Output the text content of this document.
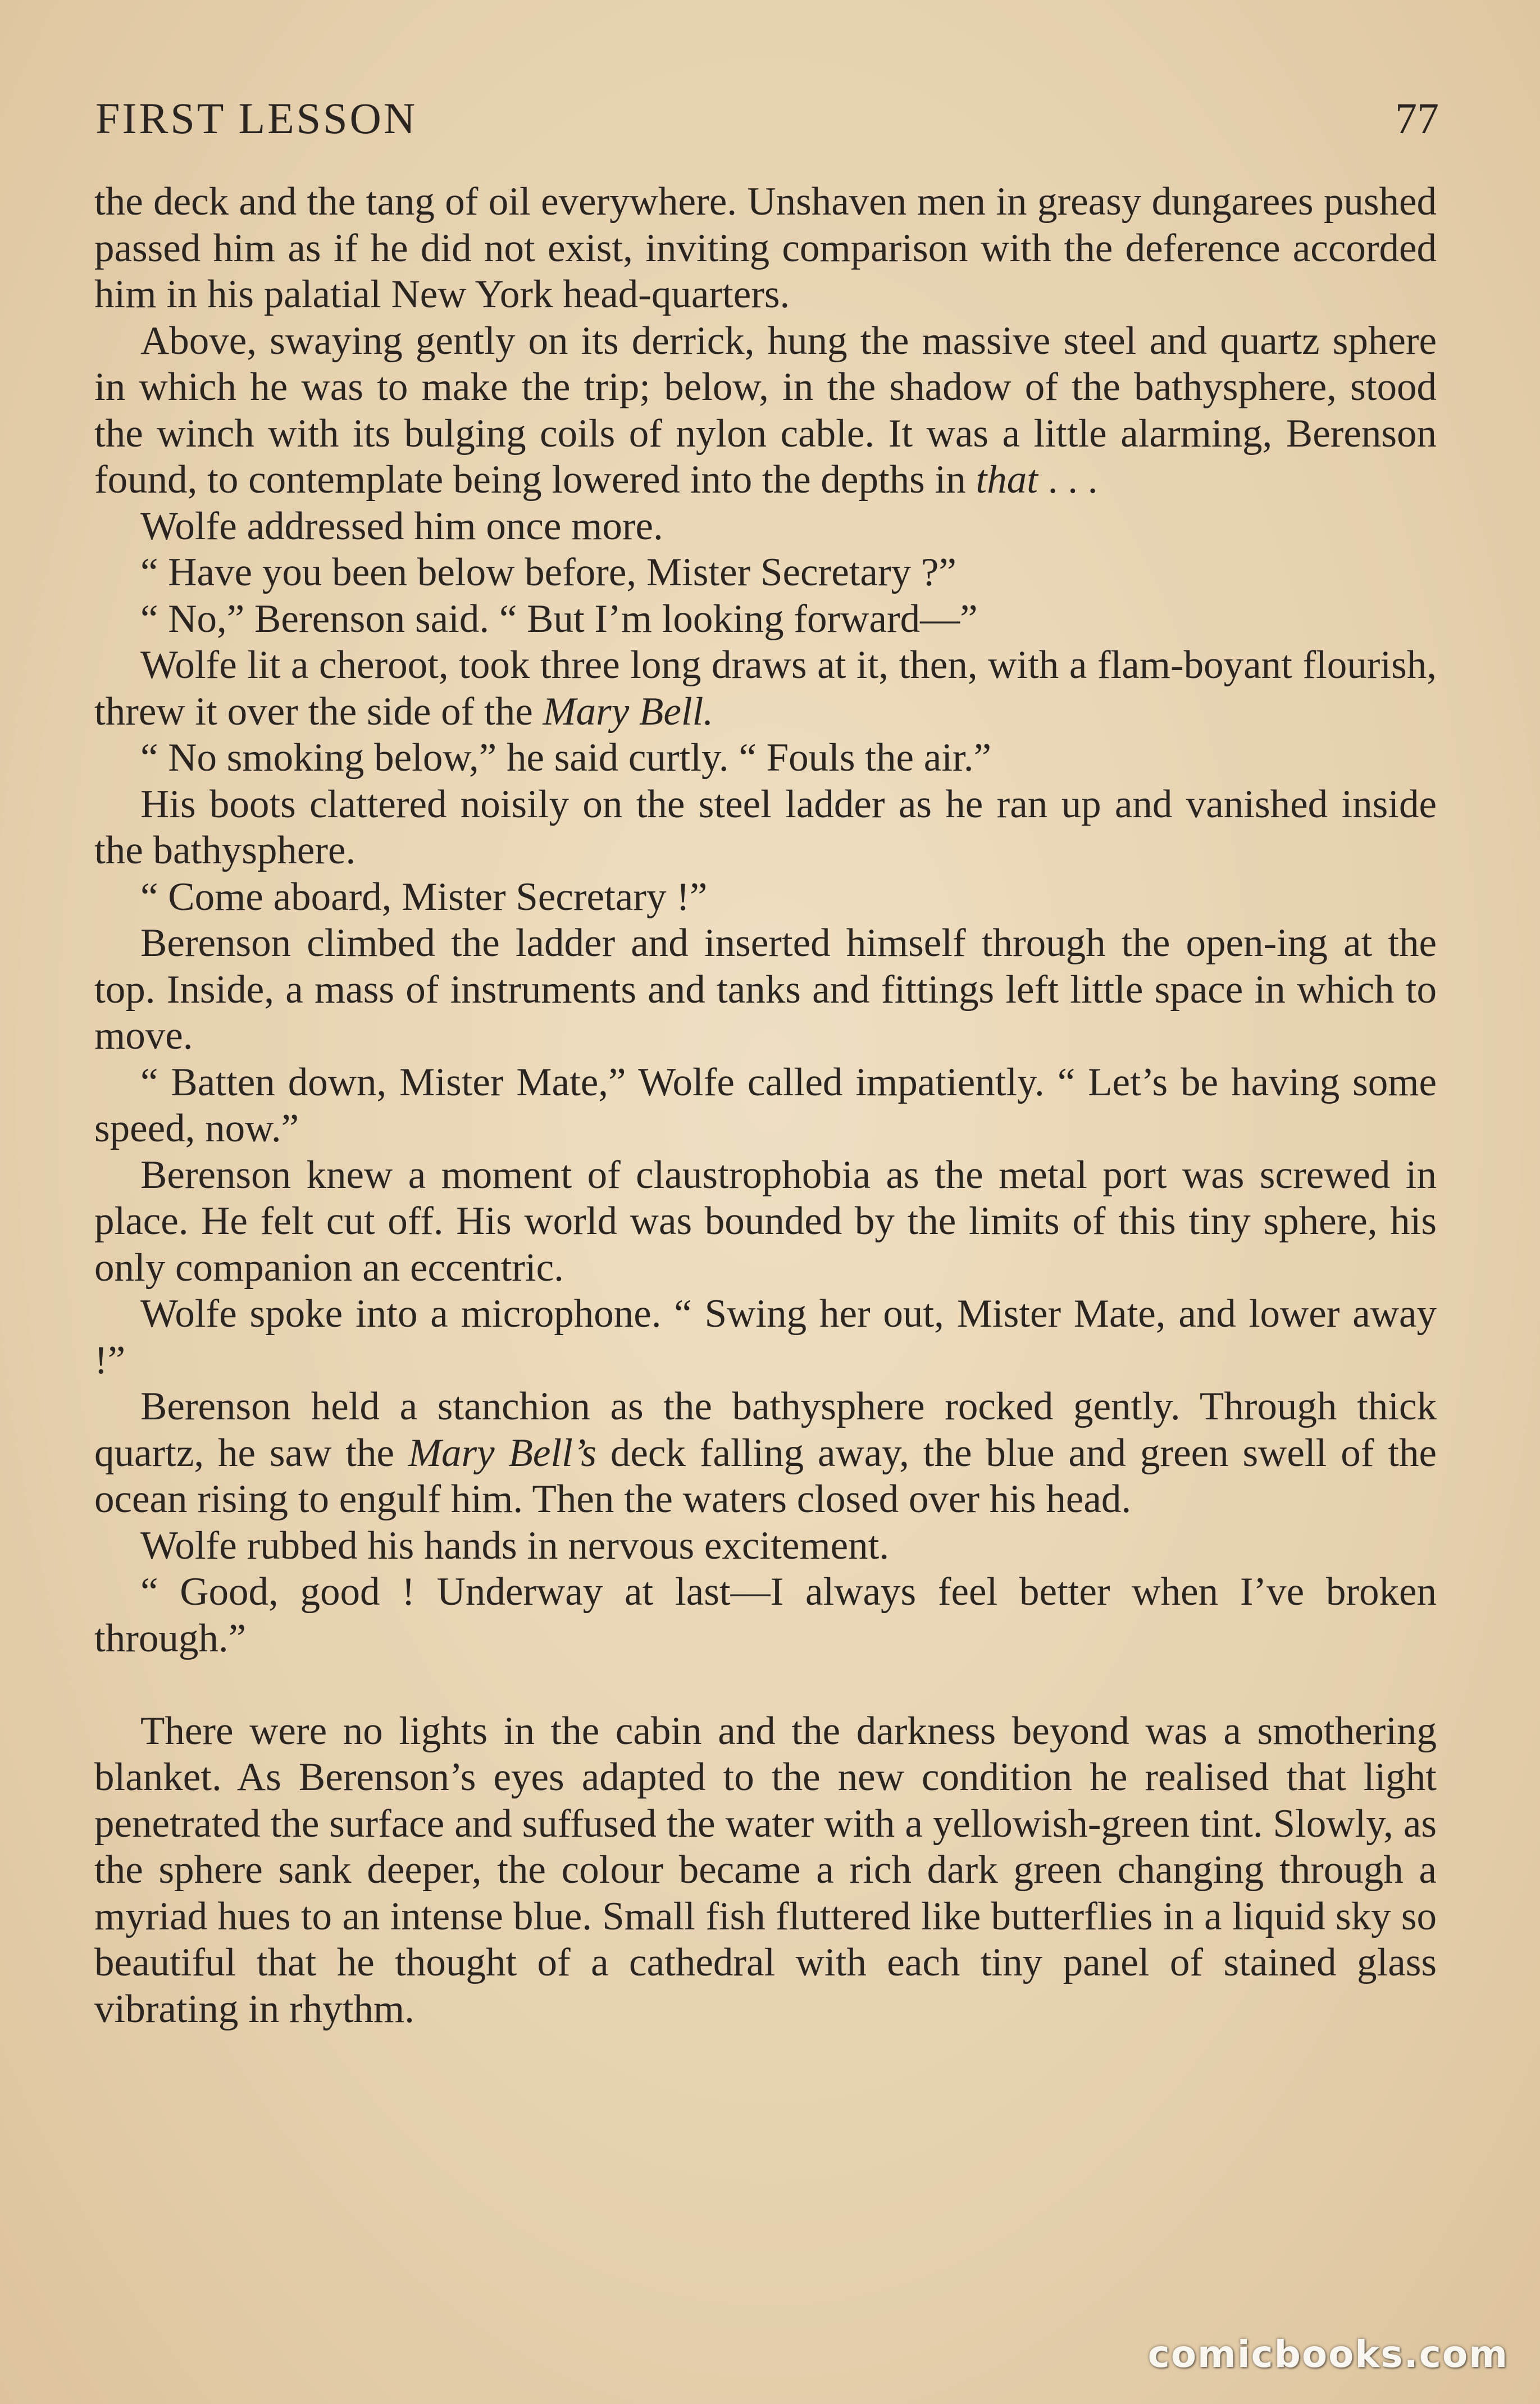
FIRST LESSON	77

the deck and the tang of oil everywhere. Unshaven men in greasy dungarees pushed passed him as if he did not exist, inviting comparison with the deference accorded him in his palatial New York head-quarters.

Above, swaying gently on its derrick, hung the massive steel and quartz sphere in which he was to make the trip; below, in the shadow of the bathysphere, stood the winch with its bulging coils of nylon cable. It was a little alarming, Berenson found, to contemplate being lowered into the depths in that . . .

Wolfe addressed him once more.

“ Have you been below before, Mister Secretary ?”

“ No,” Berenson said. “ But I’m looking forward—”

Wolfe lit a cheroot, took three long draws at it, then, with a flam-boyant flourish, threw it over the side of the Mary Bell.

“ No smoking below,” he said curtly. “ Fouls the air.”

His boots clattered noisily on the steel ladder as he ran up and vanished inside the bathysphere.

“ Come aboard, Mister Secretary !”

Berenson climbed the ladder and inserted himself through the open-ing at the top. Inside, a mass of instruments and tanks and fittings left little space in which to move.

“ Batten down, Mister Mate,” Wolfe called impatiently. “ Let’s be having some speed, now.”

Berenson knew a moment of claustrophobia as the metal port was screwed in place. He felt cut off. His world was bounded by the limits of this tiny sphere, his only companion an eccentric.

Wolfe spoke into a microphone. “ Swing her out, Mister Mate, and lower away !”

Berenson held a stanchion as the bathysphere rocked gently. Through thick quartz, he saw the Mary Bell’s deck falling away, the blue and green swell of the ocean rising to engulf him. Then the waters closed over his head.

Wolfe rubbed his hands in nervous excitement.

“ Good, good ! Underway at last—I always feel better when I’ve broken through.”

There were no lights in the cabin and the darkness beyond was a smothering blanket. As Berenson’s eyes adapted to the new condition he realised that light penetrated the surface and suffused the water with a yellowish-green tint. Slowly, as the sphere sank deeper, the colour became a rich dark green changing through a myriad hues to an intense blue. Small fish fluttered like butterflies in a liquid sky so beautiful that he thought of a cathedral with each tiny panel of stained glass vibrating in rhythm.

comicbooks.com
